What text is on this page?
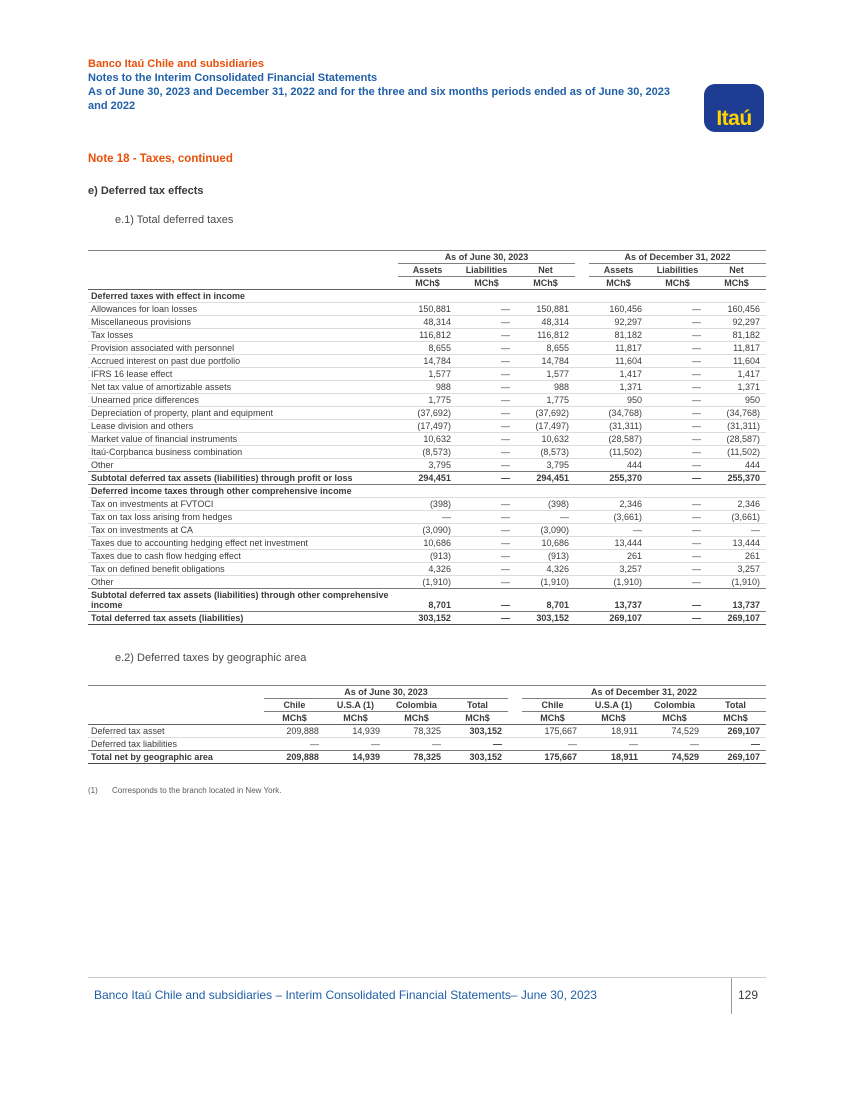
Banco Itaú Chile and subsidiaries
Notes to the Interim Consolidated Financial Statements
As of June 30, 2023 and December 31, 2022 and for the three and six months periods ended as of June 30, 2023 and 2022
Itaú
Note 18 - Taxes, continued
e) Deferred tax effects
e.1) Total deferred taxes
	As of June 30, 2023				As of December 31, 2022		
	Assets	Liabilities	Net		Assets	Liabilities	Net
	MCh$	MCh$	MCh$		MCh$	MCh$	MCh$
Deferred taxes with effect in income							
Allowances for loan losses	150,881	—	150,881		160,456	—	160,456
Miscellaneous provisions	48,314	—	48,314		92,297	—	92,297
Tax losses	116,812	—	116,812		81,182	—	81,182
Provision associated with personnel	8,655	—	8,655		11,817	—	11,817
Accrued interest on past due portfolio	14,784	—	14,784		11,604	—	11,604
IFRS 16 lease effect	1,577	—	1,577		1,417	—	1,417
Net tax value of amortizable assets	988	—	988		1,371	—	1,371
Unearned price differences	1,775	—	1,775		950	—	950
Depreciation of property, plant and equipment	(37,692)	—	(37,692)		(34,768)	—	(34,768)
Lease division and others	(17,497)	—	(17,497)		(31,311)	—	(31,311)
Market value of financial instruments	10,632	—	10,632		(28,587)	—	(28,587)
Itaú-Corpbanca business combination	(8,573)	—	(8,573)		(11,502)	—	(11,502)
Other	3,795	—	3,795		444	—	444
Subtotal deferred tax assets (liabilities) through profit or loss	294,451	—	294,451		255,370	—	255,370
Deferred income taxes through other comprehensive income							
Tax on investments at FVTOCI	(398)	—	(398)		2,346	—	2,346
Tax on tax loss arising from hedges	—	—	—		(3,661)	—	(3,661)
Tax on investments at CA	(3,090)	—	(3,090)		—	—	—
Taxes due to accounting hedging effect net investment	10,686	—	10,686		13,444	—	13,444
Taxes due to cash flow hedging effect	(913)	—	(913)		261	—	261
Tax on defined benefit obligations	4,326	—	4,326		3,257	—	3,257
Other	(1,910)	—	(1,910)		(1,910)	—	(1,910)
Subtotal deferred tax assets (liabilities) through other comprehensive income	8,701	—	8,701		13,737	—	13,737
Total deferred tax assets (liabilities)	303,152	—	303,152		269,107	—	269,107
e.2) Deferred taxes by geographic area
	As of June 30, 2023					As of December 31, 2022			
	Chile	U.S.A (1)	Colombia	Total		Chile	U.S.A (1)	Colombia	Total
	MCh$	MCh$	MCh$	MCh$		MCh$	MCh$	MCh$	MCh$
Deferred tax asset	209,888	14,939	78,325	303,152		175,667	18,911	74,529	269,107
Deferred tax liabilities	—	—	—	—		—	—	—	—
Total net by geographic area	209,888	14,939	78,325	303,152		175,667	18,911	74,529	269,107
(1) Corresponds to the branch located in New York.
Banco Itaú Chile and subsidiaries – Interim Consolidated Financial Statements– June 30, 2023	129
